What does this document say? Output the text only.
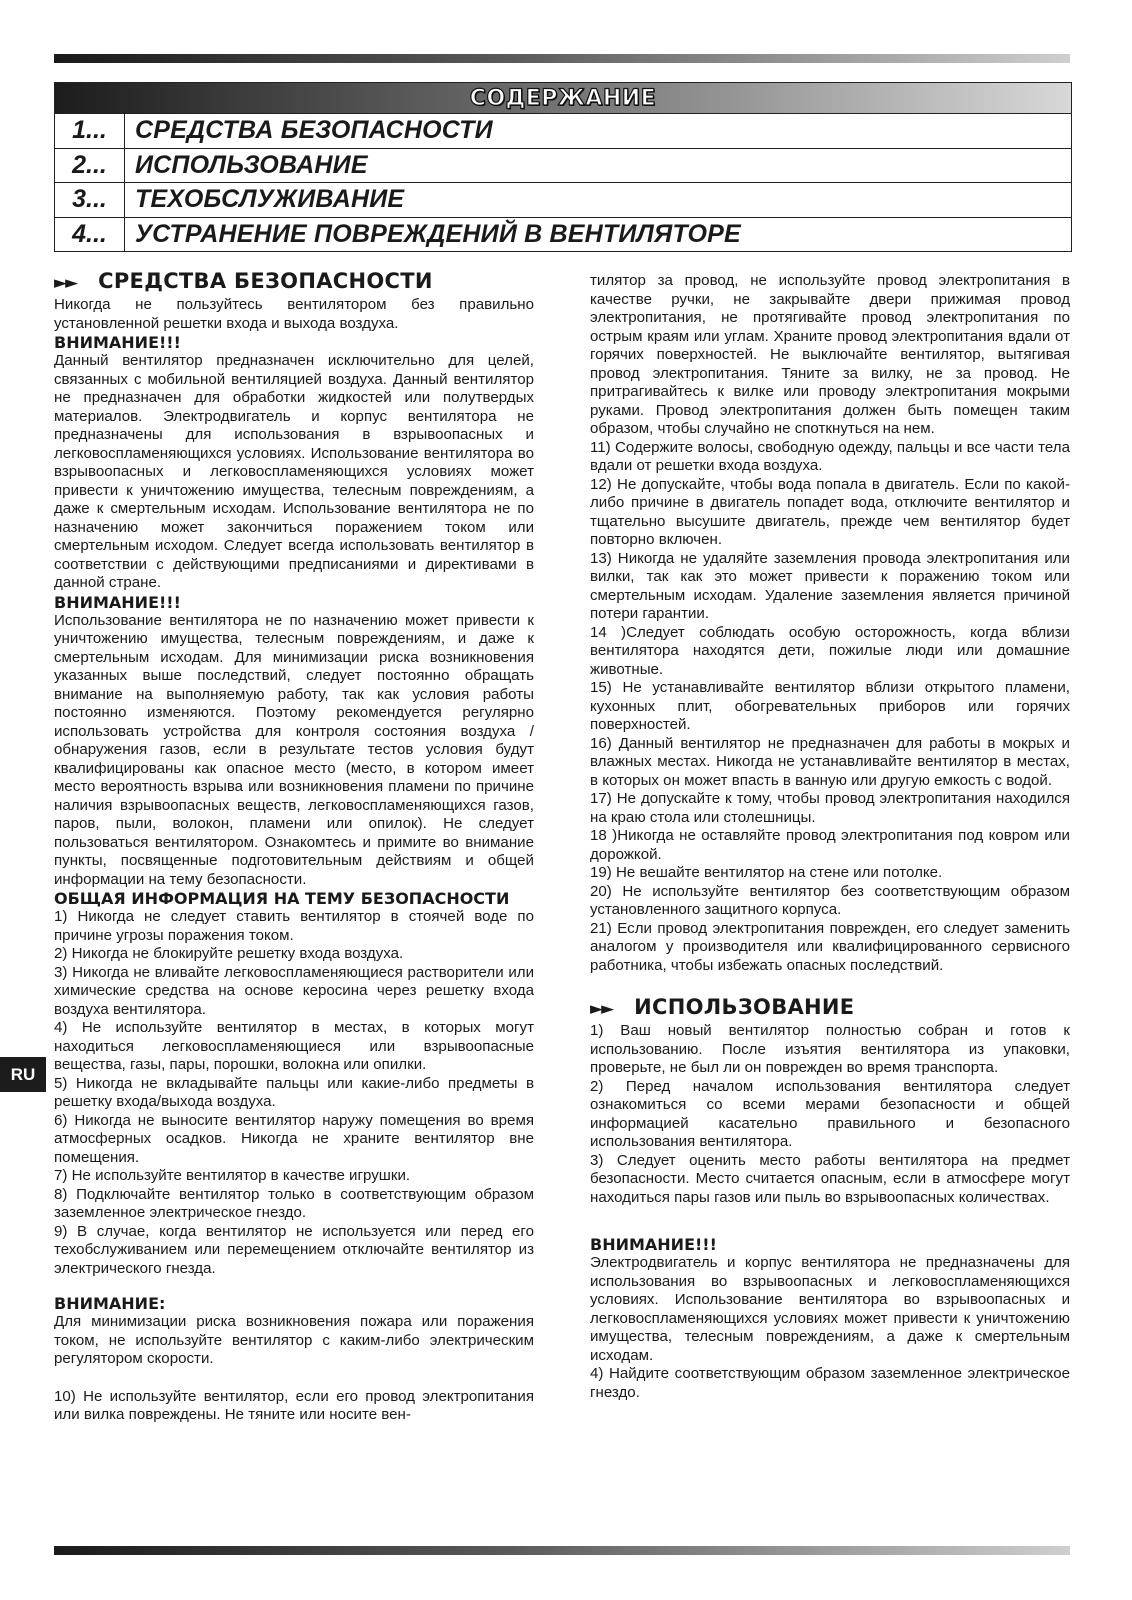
СОДЕРЖАНИЕ
1...	СРЕДСТВА БЕЗОПАСНОСТИ
2...	ИСПОЛЬЗОВАНИЕ
3...	ТЕХОБСЛУЖИВАНИЕ
4...	УСТРАНЕНИЕ ПОВРЕЖДЕНИЙ В ВЕНТИЛЯТОРЕ
►► СРЕДСТВА БЕЗОПАСНОСТИ

Никогда не пользуйтесь вентилятором без правильно установленной решетки входа и выхода воздуха.

ВНИМАНИЕ!!!

Данный вентилятор предназначен исключительно для целей, связанных с мобильной вентиляцией воздуха. Данный вентилятор не предназначен для обработки жидкостей или полутвердых материалов. Электродвигатель и корпус вентилятора не предназначены для использования в взрывоопасных и легковоспламеняющихся условиях. Использование вентилятора во взрывоопасных и легковоспламеняющихся условиях может привести к уничтожению имущества, телесным повреждениям, а даже к смертельным исходам. Использование вентилятора не по назначению может закончиться поражением током или смертельным исходом. Следует всегда использовать вентилятор в соответствии с действующими предписаниями и директивами в данной стране.

ВНИМАНИЕ!!!

Использование вентилятора не по назначению может привести к уничтожению имущества, телесным повреждениям, и даже к смертельным исходам. Для минимизации риска возникновения указанных выше последствий, следует постоянно обращать внимание на выполняемую работу, так как условия работы постоянно изменяются. Поэтому рекомендуется регулярно использовать устройства для контроля состояния воздуха / обнаружения газов, если в результате тестов условия будут квалифицированы как опасное место (место, в котором имеет место вероятность взрыва или возникновения пламени по причине наличия взрывоопасных веществ, легковоспламеняющихся газов, паров, пыли, волокон, пламени или опилок). Не следует пользоваться вентилятором. Ознакомтесь и примите во внимание пункты, посвященные подготовительным действиям и общей информации на тему безопасности.

ОБЩАЯ ИНФОРМАЦИЯ НА ТЕМУ БЕЗОПАСНОСТИ

1) Никогда не следует ставить вентилятор в стоячей воде по причине угрозы поражения током.

2) Никогда не блокируйте решетку входа воздуха.

3) Никогда не вливайте легковоспламеняющиеся растворители или химические средства на основе керосина через решетку входа воздуха вентилятора.

4) Не используйте вентилятор в местах, в которых могут находиться легковоспламеняющиеся или взрывоопасные вещества, газы, пары, порошки, волокна или опилки.

5) Никогда не вкладывайте пальцы или какие-либо предметы в решетку входа/выхода воздуха.

6) Никогда не выносите вентилятор наружу помещения во время атмосферных осадков. Никогда не храните вентилятор вне помещения.

7) Не используйте вентилятор в качестве игрушки.

8) Подключайте вентилятор только в соответствующим образом заземленное электрическое гнездо.

9) В случае, когда вентилятор не используется или перед его техобслуживанием или перемещением отключайте вентилятор из электрического гнезда.

ВНИМАНИЕ:

Для минимизации риска возникновения пожара или поражения током, не используйте вентилятор с каким-либо электрическим регулятором скорости.

10) Не используйте вентилятор, если его провод электропитания или вилка повреждены. Не тяните или носите вен-

тилятор за провод, не используйте провод электропитания в качестве ручки, не закрывайте двери прижимая провод электропитания, не протягивайте провод электропитания по острым краям или углам. Храните провод электропитания вдали от горячих поверхностей. Не выключайте вентилятор, вытягивая провод электропитания. Тяните за вилку, не за провод. Не притрагивайтесь к вилке или проводу электропитания мокрыми руками. Провод электропитания должен быть помещен таким образом, чтобы случайно не споткнуться на нем.

11) Содержите волосы, свободную одежду, пальцы и все части тела вдали от решетки входа воздуха.

12) Не допускайте, чтобы вода попала в двигатель. Если по какой-либо причине в двигатель попадет вода, отключите вентилятор и тщательно высушите двигатель, прежде чем вентилятор будет повторно включен.

13) Никогда не удаляйте заземления провода электропитания или вилки, так как это может привести к поражению током или смертельным исходам. Удаление заземления является причиной потери гарантии.

14 )Следует соблюдать особую осторожность, когда вблизи вентилятора находятся дети, пожилые люди или домашние животные.

15) Не устанавливайте вентилятор вблизи открытого пламени, кухонных плит, обогревательных приборов или горячих поверхностей.

16) Данный вентилятор не предназначен для работы в мокрых и влажных местах. Никогда не устанавливайте вентилятор в местах, в которых он может впасть в ванную или другую емкость с водой.

17) Не допускайте к тому, чтобы провод электропитания находился на краю стола или столешницы.

18 )Никогда не оставляйте провод электропитания под ковром или дорожкой.

19) Не вешайте вентилятор на стене или потолке.

20) Не используйте вентилятор без соответствующим образом установленного защитного корпуса.

21) Если провод электропитания поврежден, его следует заменить аналогом у производителя или квалифицированного сервисного работника, чтобы избежать опасных последствий.

►► ИСПОЛЬЗОВАНИЕ

1) Ваш новый вентилятор полностью собран и готов к использованию. После изъятия вентилятора из упаковки, проверьте, не был ли он поврежден во время транспорта.

2) Перед началом использования вентилятора следует ознакомиться со всеми мерами безопасности и общей информацией касательно правильного и безопасного использования вентилятора.

3) Следует оценить место работы вентилятора на предмет безопасности. Место считается опасным, если в атмосфере могут находиться пары газов или пыль во взрывоопасных количествах.

ВНИМАНИЕ!!!

Электродвигатель и корпус вентилятора не предназначены для использования во взрывоопасных и легковоспламеняющихся условиях. Использование вентилятора во взрывоопасных и легковоспламеняющихся условиях может привести к уничтожению имущества, телесным повреждениям, а даже к смертельным исходам.

4) Найдите соответствующим образом заземленное электрическое гнездо.

RU
